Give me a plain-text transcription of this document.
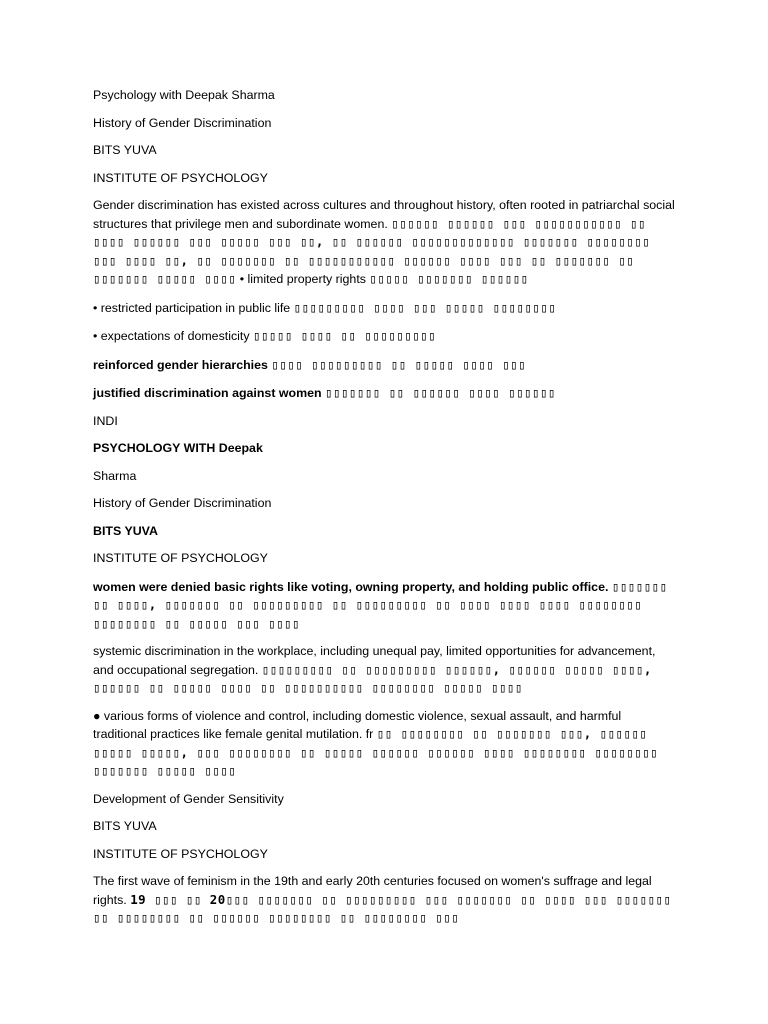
Psychology with Deepak Sharma
History of Gender Discrimination
BITS YUVA
INSTITUTE OF PSYCHOLOGY
Gender discrimination has existed across cultures and throughout history, often rooted in patriarchal social structures that privilege men and subordinate women. ▯▯▯▯▯▯ ▯▯▯▯▯▯ ▯▯▯ ▯▯▯▯▯▯▯▯▯▯▯ ▯▯ ▯▯▯▯ ▯▯▯▯▯▯ ▯▯▯ ▯▯▯▯▯ ▯▯▯ ▯▯, ▯▯ ▯▯▯▯▯▯ ▯▯▯▯▯▯▯▯▯▯▯▯▯ ▯▯▯▯▯▯▯ ▯▯▯▯▯▯▯▯ ▯▯▯ ▯▯▯▯ ▯▯, ▯▯ ▯▯▯▯▯▯▯ ▯▯ ▯▯▯▯▯▯▯▯▯▯▯ ▯▯▯▯▯▯ ▯▯▯▯ ▯▯▯ ▯▯ ▯▯▯▯▯▯▯ ▯▯ ▯▯▯▯▯▯▯ ▯▯▯▯▯ ▯▯▯▯ • limited property rights ▯▯▯▯▯ ▯▯▯▯▯▯▯ ▯▯▯▯▯▯
• restricted participation in public life ▯▯▯▯▯▯▯▯▯ ▯▯▯▯ ▯▯▯ ▯▯▯▯▯ ▯▯▯▯▯▯▯▯
• expectations of domesticity ▯▯▯▯▯ ▯▯▯▯ ▯▯ ▯▯▯▯▯▯▯▯▯
reinforced gender hierarchies ▯▯▯▯ ▯▯▯▯▯▯▯▯▯ ▯▯ ▯▯▯▯▯ ▯▯▯▯ ▯▯▯
justified discrimination against women ▯▯▯▯▯▯▯ ▯▯ ▯▯▯▯▯▯ ▯▯▯▯ ▯▯▯▯▯▯
INDI
PSYCHOLOGY WITH Deepak
Sharma
History of Gender Discrimination
BITS YUVA
INSTITUTE OF PSYCHOLOGY
women were denied basic rights like voting, owning property, and holding public office. ▯▯▯▯▯▯▯ ▯▯ ▯▯▯▯, ▯▯▯▯▯▯▯ ▯▯ ▯▯▯▯▯▯▯▯▯ ▯▯ ▯▯▯▯▯▯▯▯▯ ▯▯ ▯▯▯▯ ▯▯▯▯ ▯▯▯▯ ▯▯▯▯▯▯▯▯ ▯▯▯▯▯▯▯▯ ▯▯ ▯▯▯▯▯ ▯▯▯ ▯▯▯▯
systemic discrimination in the workplace, including unequal pay, limited opportunities for advancement, and occupational segregation. ▯▯▯▯▯▯▯▯▯ ▯▯ ▯▯▯▯▯▯▯▯▯ ▯▯▯▯▯▯, ▯▯▯▯▯▯ ▯▯▯▯▯ ▯▯▯▯, ▯▯▯▯▯▯ ▯▯ ▯▯▯▯▯ ▯▯▯▯ ▯▯ ▯▯▯▯▯▯▯▯▯▯ ▯▯▯▯▯▯▯▯ ▯▯▯▯▯ ▯▯▯▯
● various forms of violence and control, including domestic violence, sexual assault, and harmful traditional practices like female genital mutilation. fr ▯▯ ▯▯▯▯▯▯▯▯ ▯▯ ▯▯▯▯▯▯▯ ▯▯▯, ▯▯▯▯▯▯ ▯▯▯▯▯ ▯▯▯▯▯, ▯▯▯ ▯▯▯▯▯▯▯▯ ▯▯ ▯▯▯▯▯ ▯▯▯▯▯▯ ▯▯▯▯▯▯ ▯▯▯▯ ▯▯▯▯▯▯▯▯ ▯▯▯▯▯▯▯▯ ▯▯▯▯▯▯▯ ▯▯▯▯▯ ▯▯▯▯
Development of Gender Sensitivity
BITS YUVA
INSTITUTE OF PSYCHOLOGY
The first wave of feminism in the 19th and early 20th centuries focused on women's suffrage and legal rights. 19 ▯▯▯ ▯▯ 20▯▯▯ ▯▯▯▯▯▯▯ ▯▯ ▯▯▯▯▯▯▯▯▯ ▯▯▯ ▯▯▯▯▯▯▯ ▯▯ ▯▯▯▯ ▯▯▯ ▯▯▯▯▯▯▯ ▯▯ ▯▯▯▯▯▯▯▯ ▯▯ ▯▯▯▯▯▯ ▯▯▯▯▯▯▯▯ ▯▯ ▯▯▯▯▯▯▯▯ ▯▯▯
